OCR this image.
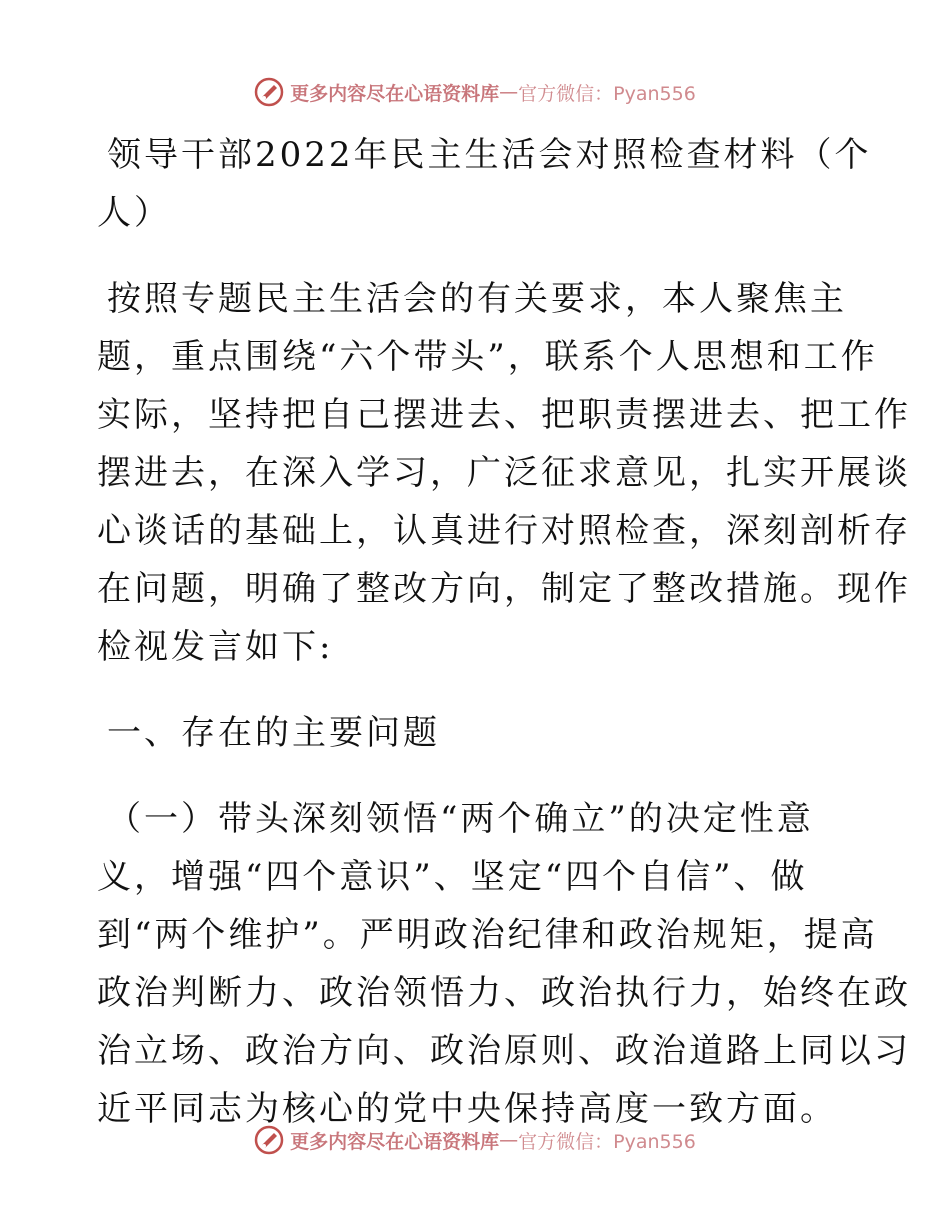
更多内容尽在心语资料库 — 官方微信：Pyan556
领导干部2022年民主生活会对照检查材料（个
人）
按照专题民主生活会的有关要求，本人聚焦主
题，重点围绕“六个带头”，联系个人思想和工作
实际，坚持把自己摆进去、把职责摆进去、把工作
摆进去，在深入学习，广泛征求意见，扎实开展谈
心谈话的基础上，认真进行对照检查，深刻剖析存
在问题，明确了整改方向，制定了整改措施。现作
检视发言如下:
一、存在的主要问题
（一）带头深刻领悟“两个确立”的决定性意
义，增强“四个意识”、坚定“四个自信”、做
到“两个维护”。严明政治纪律和政治规矩，提高
政治判断力、政治领悟力、政治执行力，始终在政
治立场、政治方向、政治原则、政治道路上同以习
近平同志为核心的党中央保持高度一致方面。
更多内容尽在心语资料库 — 官方微信：Pyan556
